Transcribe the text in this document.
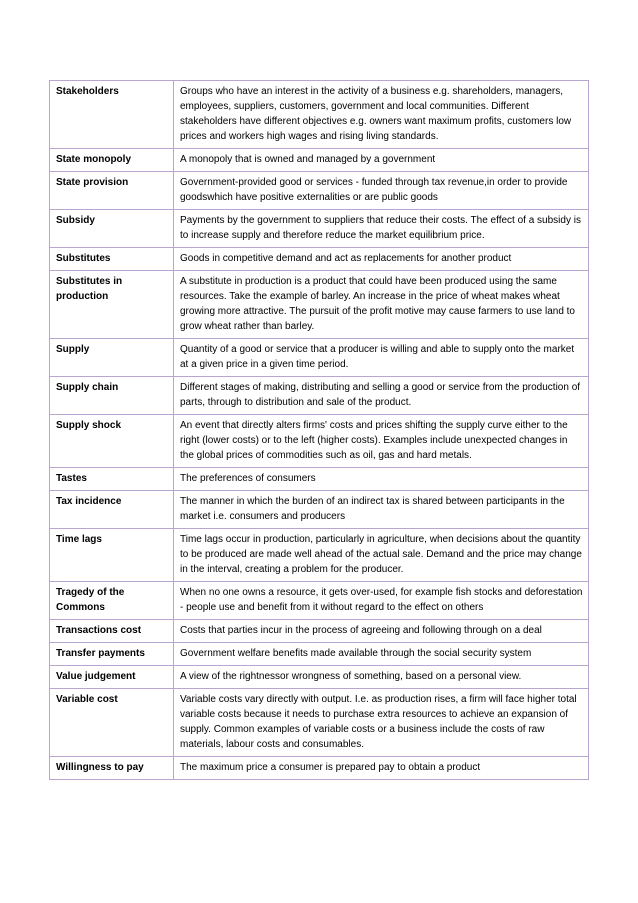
Stakeholders	Groups who have an interest in the activity of a business e.g. shareholders, managers, employees, suppliers, customers, government and local communities. Different stakeholders have different objectives e.g. owners want maximum profits, customers low prices and workers high wages and rising living standards.
State monopoly	A monopoly that is owned and managed by a government
State provision	Government-provided good or services - funded through tax revenue,in order to provide goodswhich have positive externalities or are public goods
Subsidy	Payments by the government to suppliers that reduce their costs. The effect of a subsidy is to increase supply and therefore reduce the market equilibrium price.
Substitutes	Goods in competitive demand and act as replacements for another product
Substitutes in production	A substitute in production is a product that could have been produced using the same resources. Take the example of barley. An increase in the price of wheat makes wheat growing more attractive. The pursuit of the profit motive may cause farmers to use land to grow wheat rather than barley.
Supply	Quantity of a good or service that a producer is willing and able to supply onto the market at a given price in a given time period.
Supply chain	Different stages of making, distributing and selling a good or service from the production of parts, through to distribution and sale of the product.
Supply shock	An event that directly alters firms' costs and prices shifting the supply curve either to the right (lower costs) or to the left (higher costs). Examples include unexpected changes in the global prices of commodities such as oil, gas and hard metals.
Tastes	The preferences of consumers
Tax incidence	The manner in which the burden of an indirect tax is shared between participants in the market i.e. consumers and producers
Time lags	Time lags occur in production, particularly in agriculture, when decisions about the quantity to be produced are made well ahead of the actual sale. Demand and the price may change in the interval, creating a problem for the producer.
Tragedy of the Commons	When no one owns a resource, it gets over-used, for example fish stocks and deforestation - people use and benefit from it without regard to the effect on others
Transactions cost	Costs that parties incur in the process of agreeing and following through on a deal
Transfer payments	Government welfare benefits made available through the social security system
Value judgement	A view of the rightnessor wrongness of something, based on a personal view.
Variable cost	Variable costs vary directly with output. I.e. as production rises, a firm will face higher total variable costs because it needs to purchase extra resources to achieve an expansion of supply. Common examples of variable costs or a business include the costs of raw materials, labour costs and consumables.
Willingness to pay	The maximum price a consumer is prepared pay to obtain a product
